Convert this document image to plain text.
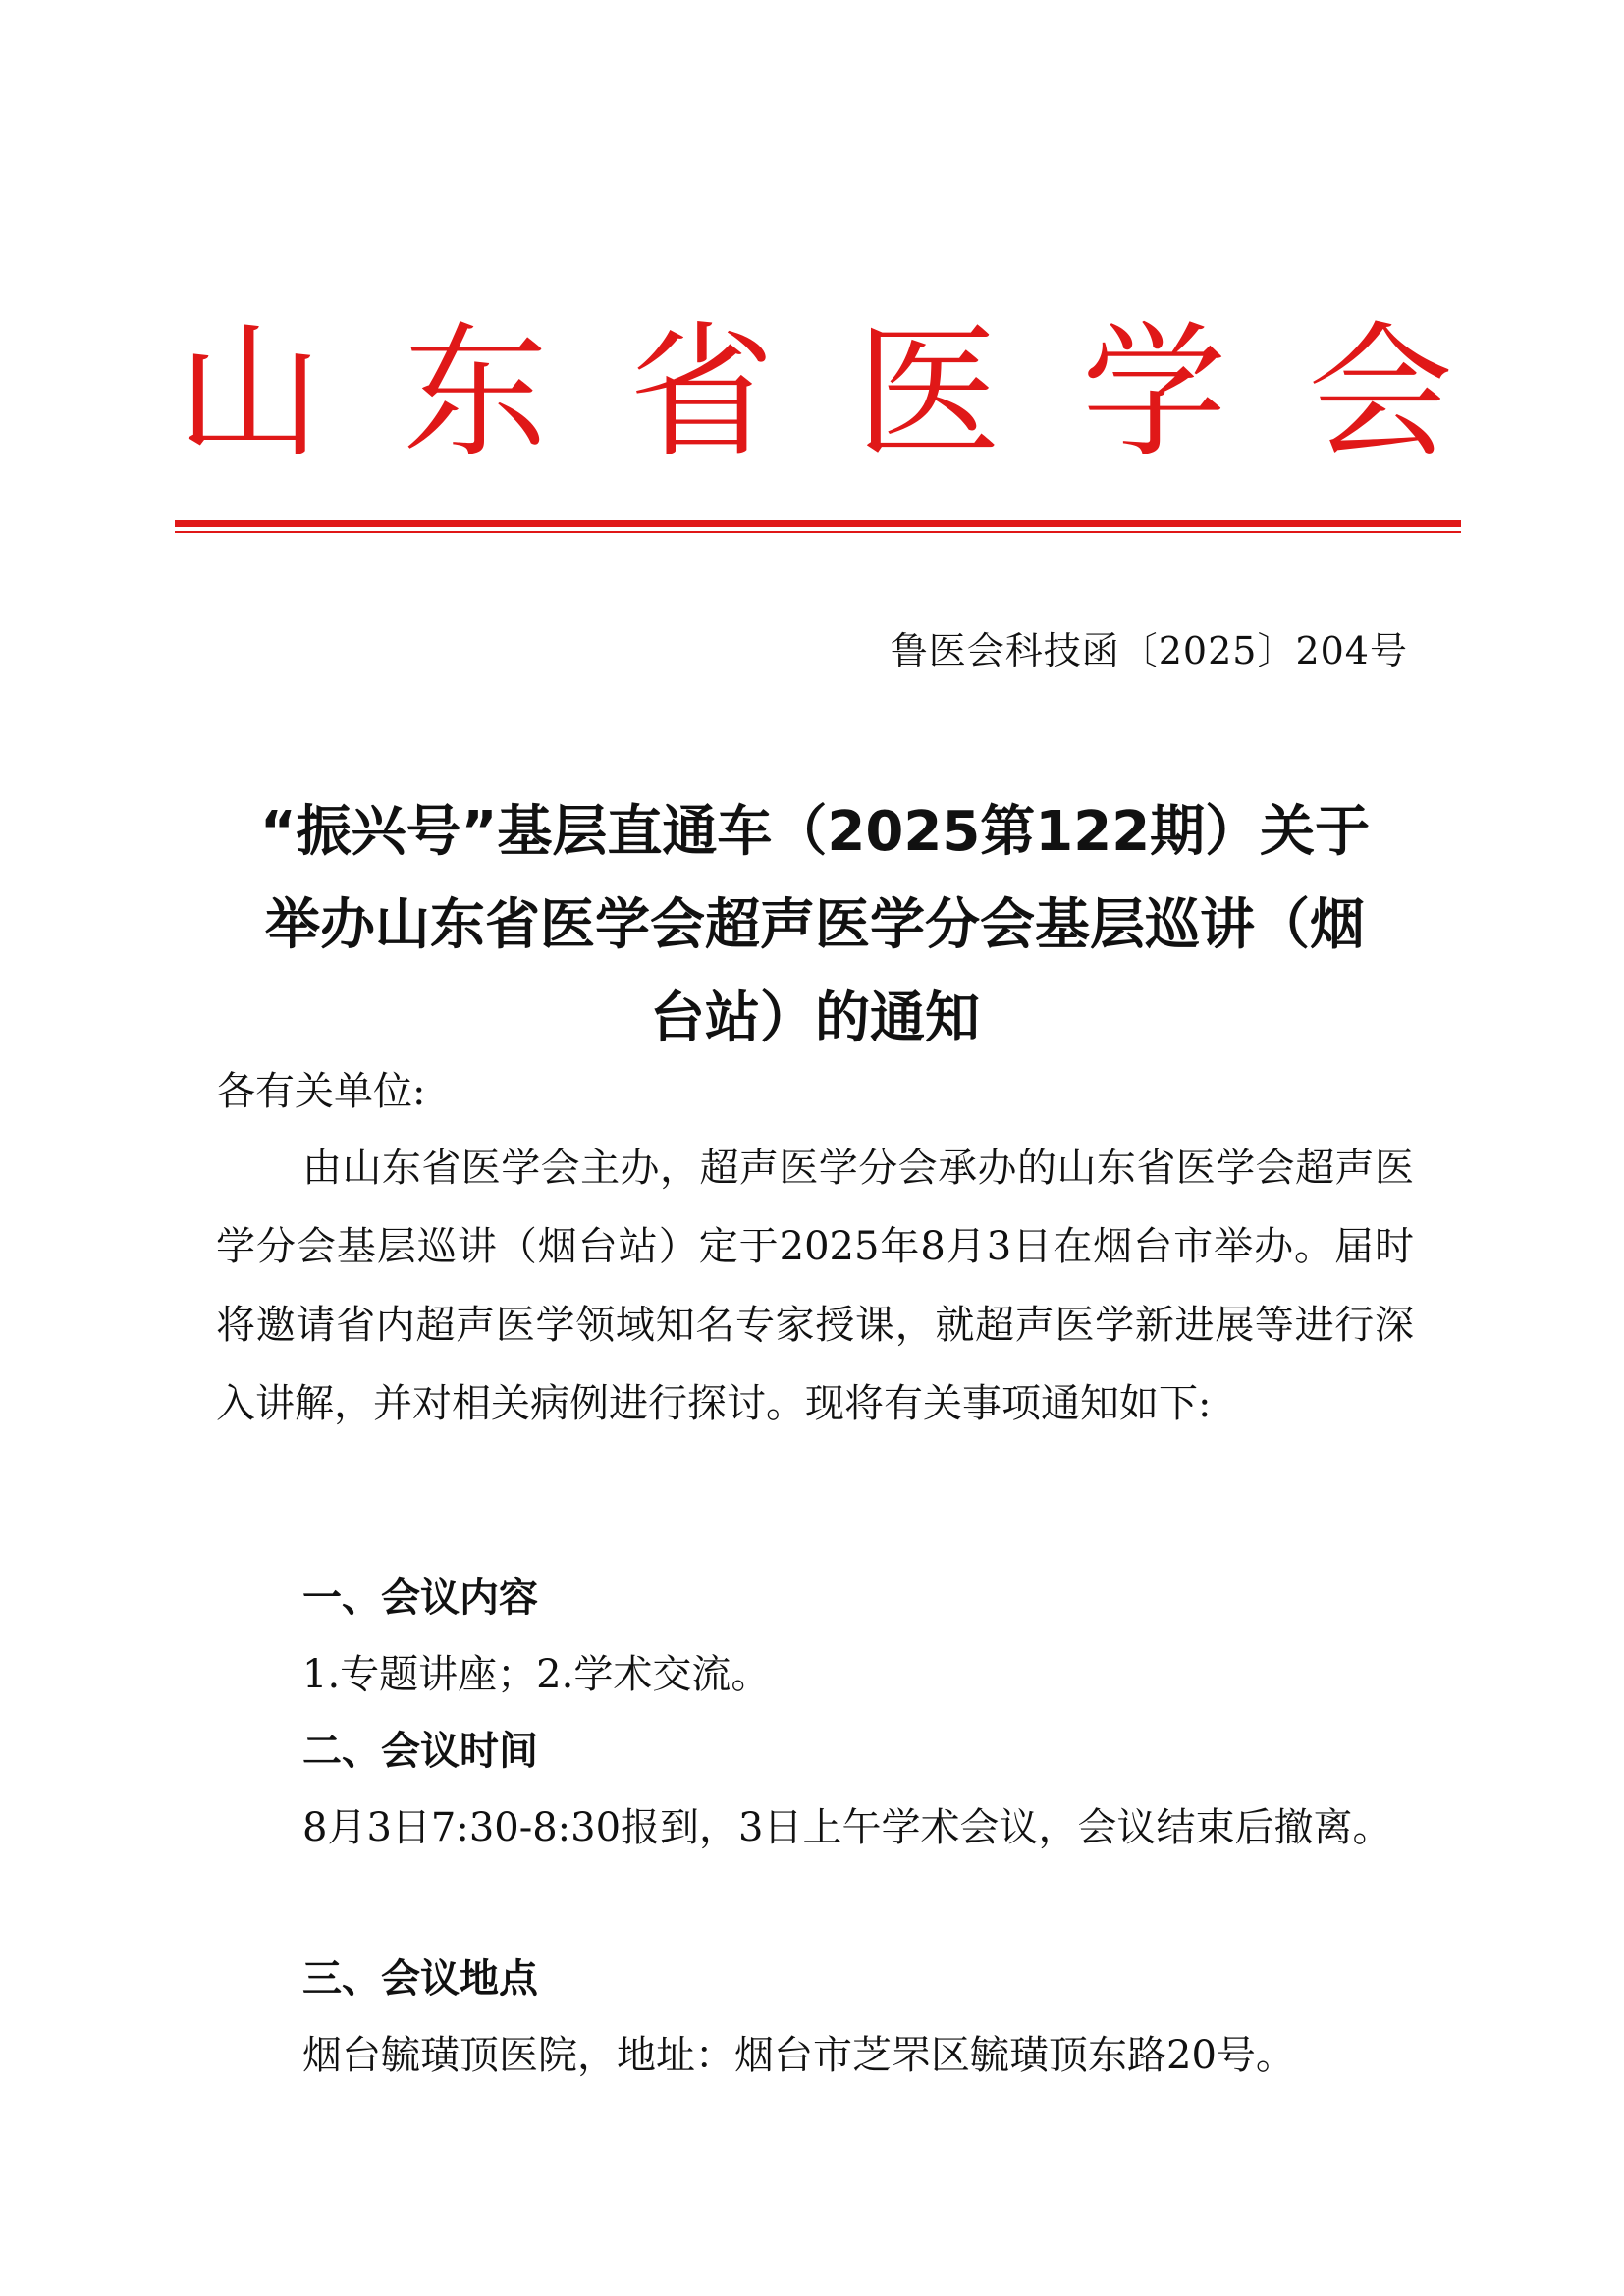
山 东 省 医 学 会
鲁医会科技函〔2025〕204号
“振兴号”基层直通车（2025第122期）关于
举办山东省医学会超声医学分会基层巡讲（烟
台站）的通知
各有关单位:
由山东省医学会主办，超声医学分会承办的山东省医学会超声医学分会基层巡讲（烟台站）定于2025年8月3日在烟台市举办。届时将邀请省内超声医学领域知名专家授课，就超声医学新进展等进行深入讲解，并对相关病例进行探讨。现将有关事项通知如下:
一、会议内容
1.专题讲座；2.学术交流。
二、会议时间
8月3日7:30-8:30报到，3日上午学术会议，会议结束后撤离。
三、会议地点
烟台毓璜顶医院，地址：烟台市芝罘区毓璜顶东路20号。
